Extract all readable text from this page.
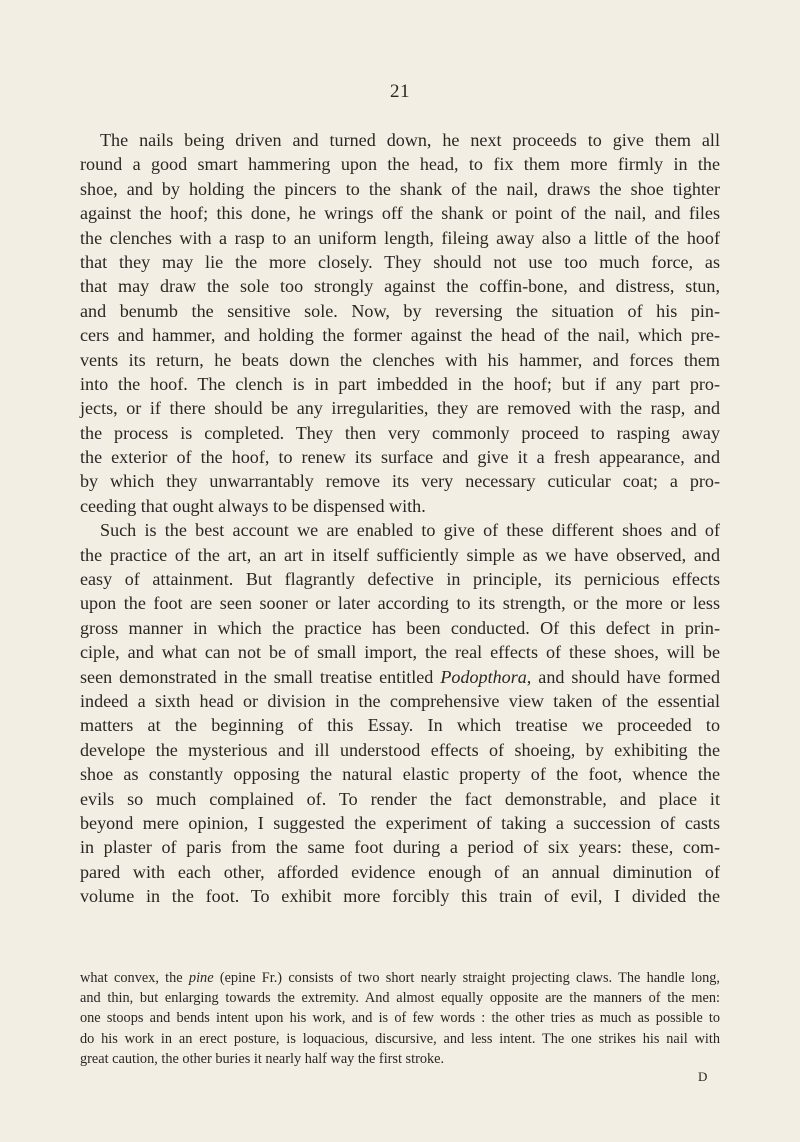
21
The nails being driven and turned down, he next proceeds to give them all
round a good smart hammering upon the head, to fix them more firmly in the
shoe, and by holding the pincers to the shank of the nail, draws the shoe tighter
against the hoof; this done, he wrings off the shank or point of the nail, and files
the clenches with a rasp to an uniform length, fileing away also a little of the hoof
that they may lie the more closely. They should not use too much force, as
that may draw the sole too strongly against the coffin-bone, and distress, stun,
and benumb the sensitive sole. Now, by reversing the situation of his pin-
cers and hammer, and holding the former against the head of the nail, which pre-
vents its return, he beats down the clenches with his hammer, and forces them
into the hoof. The clench is in part imbedded in the hoof; but if any part pro-
jects, or if there should be any irregularities, they are removed with the rasp, and
the process is completed. They then very commonly proceed to rasping away
the exterior of the hoof, to renew its surface and give it a fresh appearance, and
by which they unwarrantably remove its very necessary cuticular coat; a pro-
ceeding that ought always to be dispensed with.
Such is the best account we are enabled to give of these different shoes and of
the practice of the art, an art in itself sufficiently simple as we have observed, and
easy of attainment. But flagrantly defective in principle, its pernicious effects
upon the foot are seen sooner or later according to its strength, or the more or less
gross manner in which the practice has been conducted. Of this defect in prin-
ciple, and what can not be of small import, the real effects of these shoes, will be
seen demonstrated in the small treatise entitled Podopthora, and should have formed
indeed a sixth head or division in the comprehensive view taken of the essential
matters at the beginning of this Essay. In which treatise we proceeded to
develope the mysterious and ill understood effects of shoeing, by exhibiting the
shoe as constantly opposing the natural elastic property of the foot, whence the
evils so much complained of. To render the fact demonstrable, and place it
beyond mere opinion, I suggested the experiment of taking a succession of casts
in plaster of paris from the same foot during a period of six years: these, com-
pared with each other, afforded evidence enough of an annual diminution of
volume in the foot. To exhibit more forcibly this train of evil, I divided the
what convex, the pine (epine Fr.) consists of two short nearly straight projecting claws. The handle long,
and thin, but enlarging towards the extremity. And almost equally opposite are the manners of the men:
one stoops and bends intent upon his work, and is of few words : the other tries as much as possible to
do his work in an erect posture, is loquacious, discursive, and less intent. The one strikes his nail with
great caution, the other buries it nearly half way the first stroke.
D
